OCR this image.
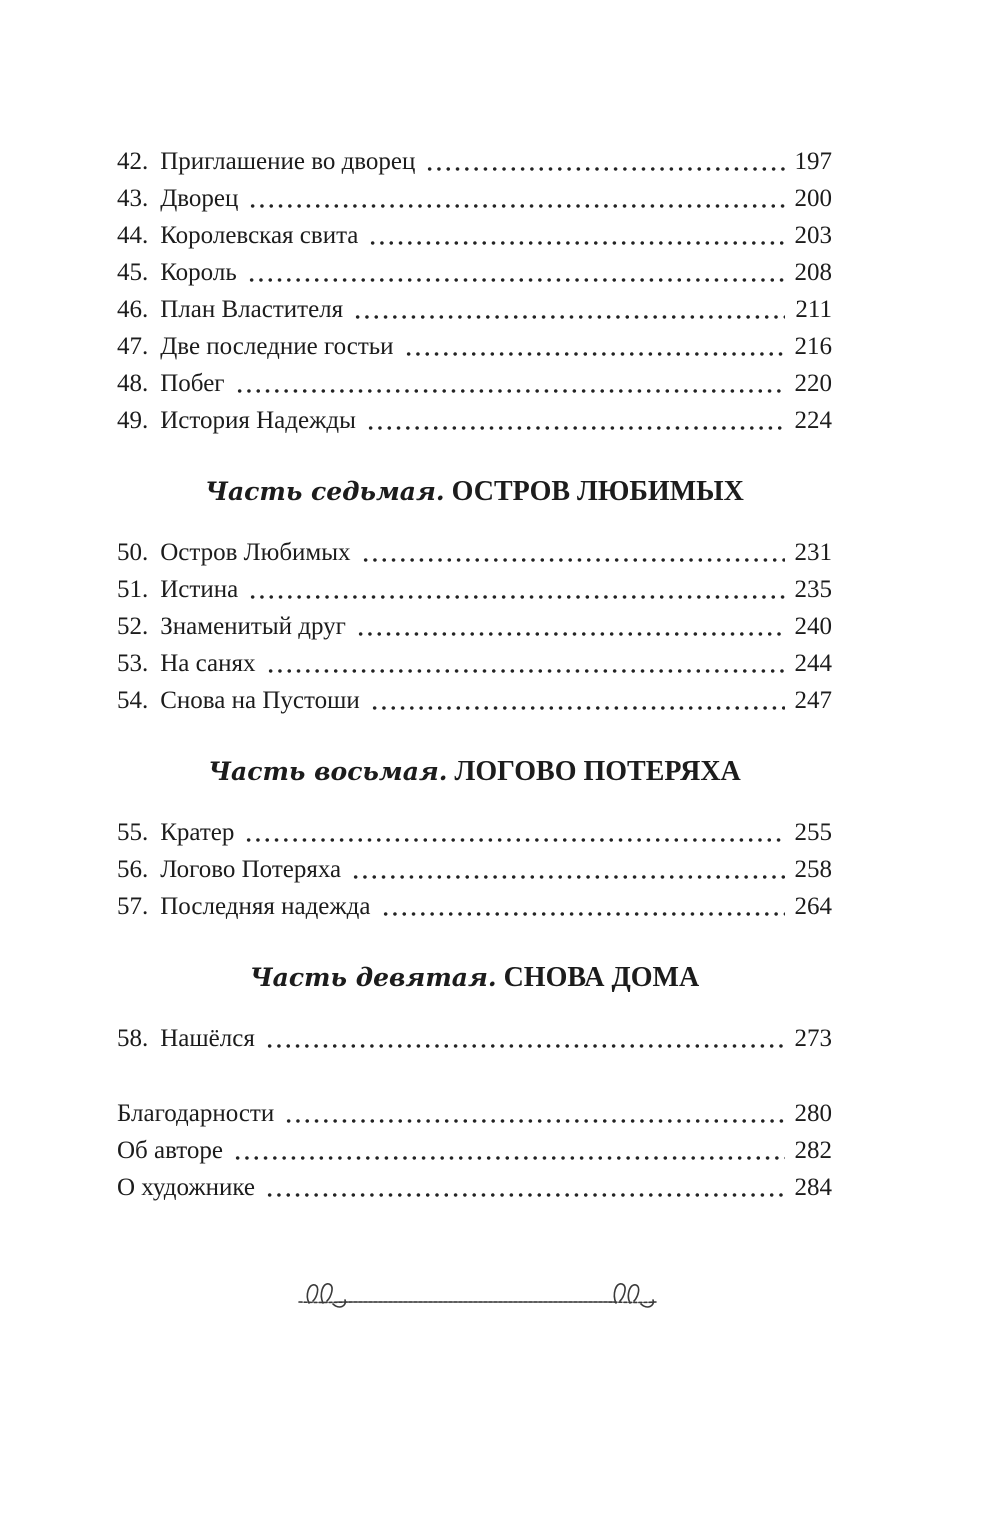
42. Приглашение во дворец	197
43. Дворец	200
44. Королевская свита	203
45. Король	208
46. План Властителя	211
47. Две последние гостьи	216
48. Побег	220
49. История Надежды	224
Часть седьмая. ОСТРОВ ЛЮБИМЫХ
50. Остров Любимых	231
51. Истина	235
52. Знаменитый друг	240
53. На санях	244
54. Снова на Пустоши	247
Часть восьмая. ЛОГОВО ПОТЕРЯХА
55. Кратер	255
56. Логово Потеряха	258
57. Последняя надежда	264
Часть девятая. СНОВА ДОМА
58. Нашёлся	273
Благодарности	280
Об авторе	282
О художнике	284
